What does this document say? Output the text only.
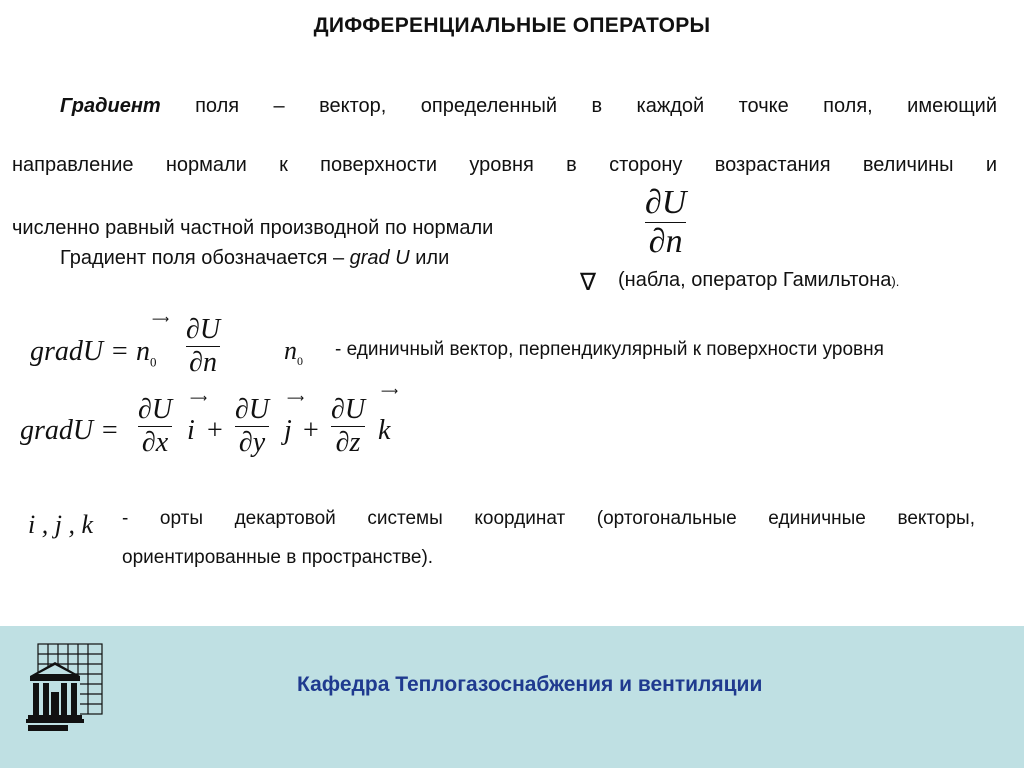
ДИФФЕРЕНЦИАЛЬНЫЕ ОПЕРАТОРЫ
Градиент поля – вектор, определенный в каждой точке поля, имеющий
направление нормали к поверхности уровня в сторону возрастания величины и
численно равный частной производной по нормали
∂U
∂n
Градиент поля обозначается – grad U или
∇ (набла, оператор Гамильтона).
gradU = $n_0$
⟶ ∂U
∂n	$n_0$
- единичный вектор, перпендикулярный к поверхности уровня
gradU =
∂U
∂x
⟶
i +
∂U
∂y
⟶
j +
∂U
∂z
⟶
k
i , j , k - орты декартовой системы координат (ортогональные единичные векторы,
ориентированные в пространстве).
Кафедра Теплогазоснабжения и вентиляции
